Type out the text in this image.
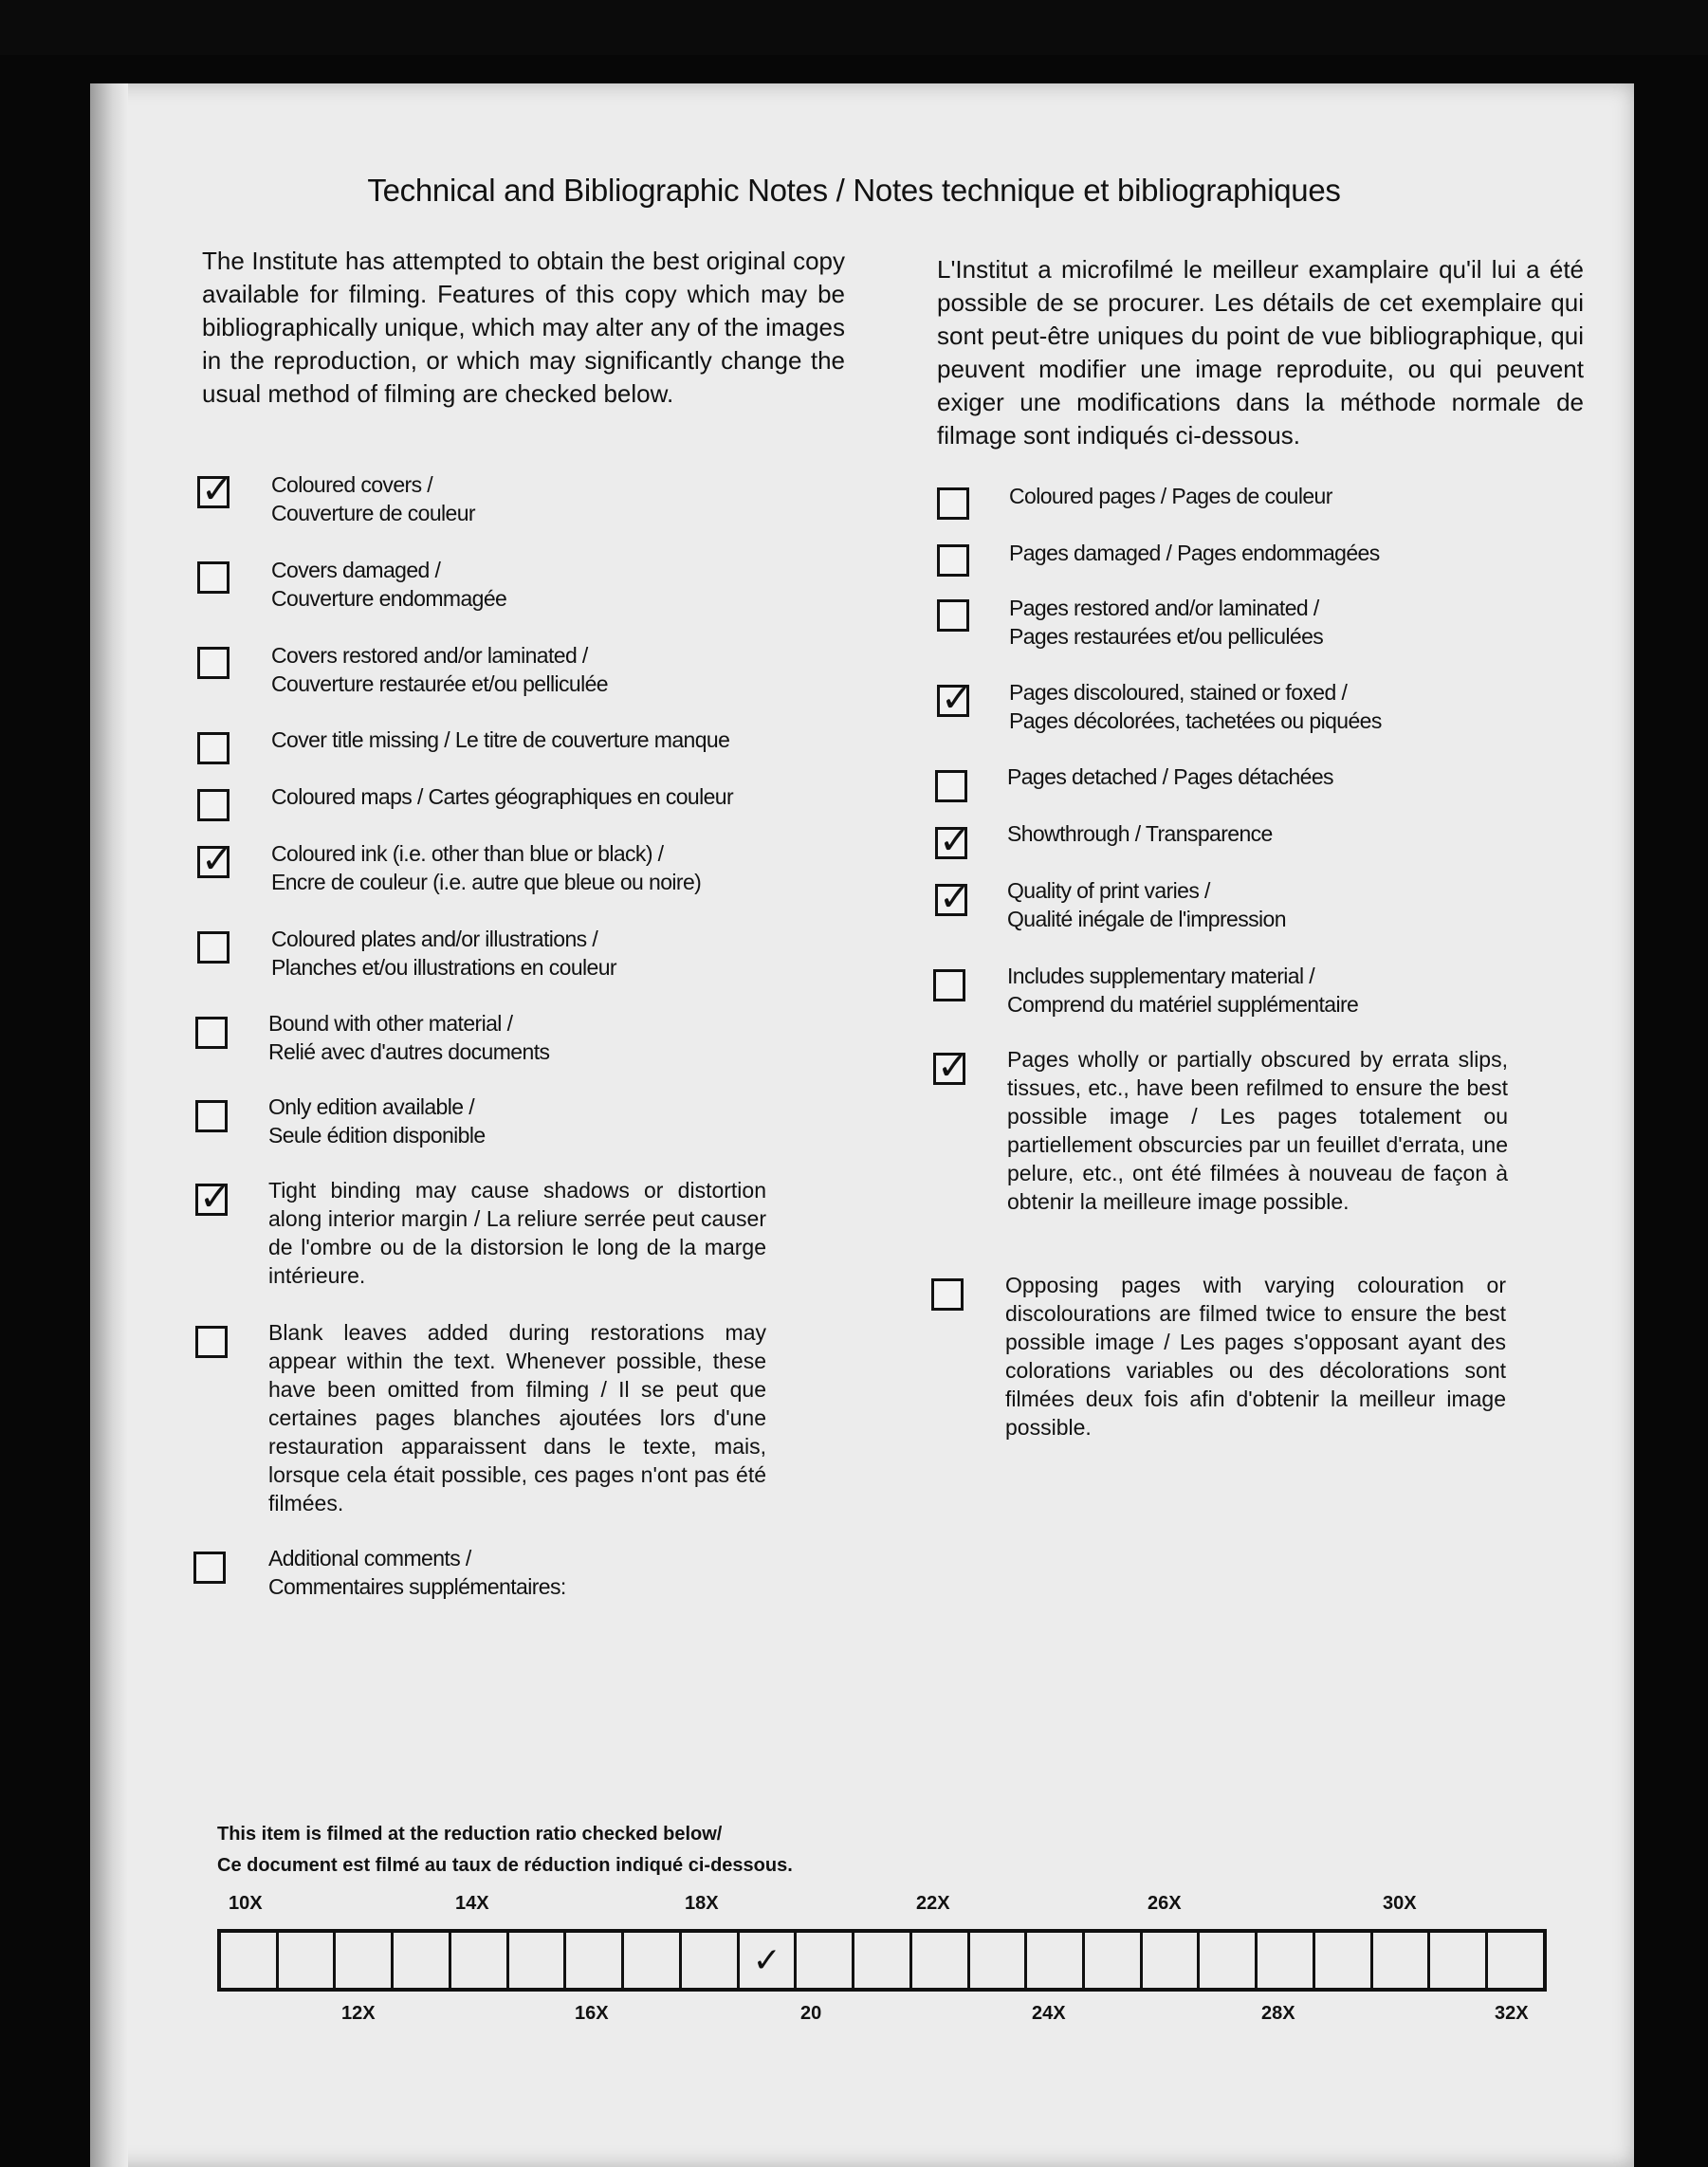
Technical and Bibliographic Notes / Notes technique et bibliographiques
The Institute has attempted to obtain the best original copy available for filming. Features of this copy which may be bibliographically unique, which may alter any of the images in the reproduction, or which may significantly change the usual method of filming are checked below.
L'Institut a microfilmé le meilleur examplaire qu'il lui a été possible de se procurer. Les détails de cet exemplaire qui sont peut-être uniques du point de vue bibliographique, qui peuvent modifier une image reproduite, ou qui peuvent exiger une modifications dans la méthode normale de filmage sont indiqués ci-dessous.
✓ Coloured covers /
Couverture de couleur
Covers damaged /
Couverture endommagée
Covers restored and/or laminated /
Couverture restaurée et/ou pelliculée
Cover title missing / Le titre de couverture manque
Coloured maps / Cartes géographiques en couleur
✓ Coloured ink (i.e. other than blue or black) /
Encre de couleur (i.e. autre que bleue ou noire)
Coloured plates and/or illustrations /
Planches et/ou illustrations en couleur
Bound with other material /
Relié avec d'autres documents
Only edition available /
Seule édition disponible
✓ Tight binding may cause shadows or distortion along interior margin / La reliure serrée peut causer de l'ombre ou de la distorsion le long de la marge intérieure.
Blank leaves added during restorations may appear within the text. Whenever possible, these have been omitted from filming / Il se peut que certaines pages blanches ajoutées lors d'une restauration apparaissent dans le texte, mais, lorsque cela était possible, ces pages n'ont pas été filmées.
Additional comments /
Commentaires supplémentaires:
Coloured pages / Pages de couleur
Pages damaged / Pages endommagées
Pages restored and/or laminated /
Pages restaurées et/ou pelliculées
✓ Pages discoloured, stained or foxed /
Pages décolorées, tachetées ou piquées
Pages detached / Pages détachées
✓ Showthrough / Transparence
✓ Quality of print varies /
Qualité inégale de l'impression
Includes supplementary material /
Comprend du matériel supplémentaire
✓ Pages wholly or partially obscured by errata slips, tissues, etc., have been refilmed to ensure the best possible image / Les pages totalement ou partiellement obscurcies par un feuillet d'errata, une pelure, etc., ont été filmées à nouveau de façon à obtenir la meilleure image possible.
Opposing pages with varying colouration or discolourations are filmed twice to ensure the best possible image / Les pages s'opposant ayant des colorations variables ou des décolorations sont filmées deux fois afin d'obtenir la meilleur image possible.
This item is filmed at the reduction ratio checked below/
Ce document est filmé au taux de réduction indiqué ci-dessous.
10X	14X	18X	22X	26X	30X
12X	16X	20	24X	28X	32X
✓
